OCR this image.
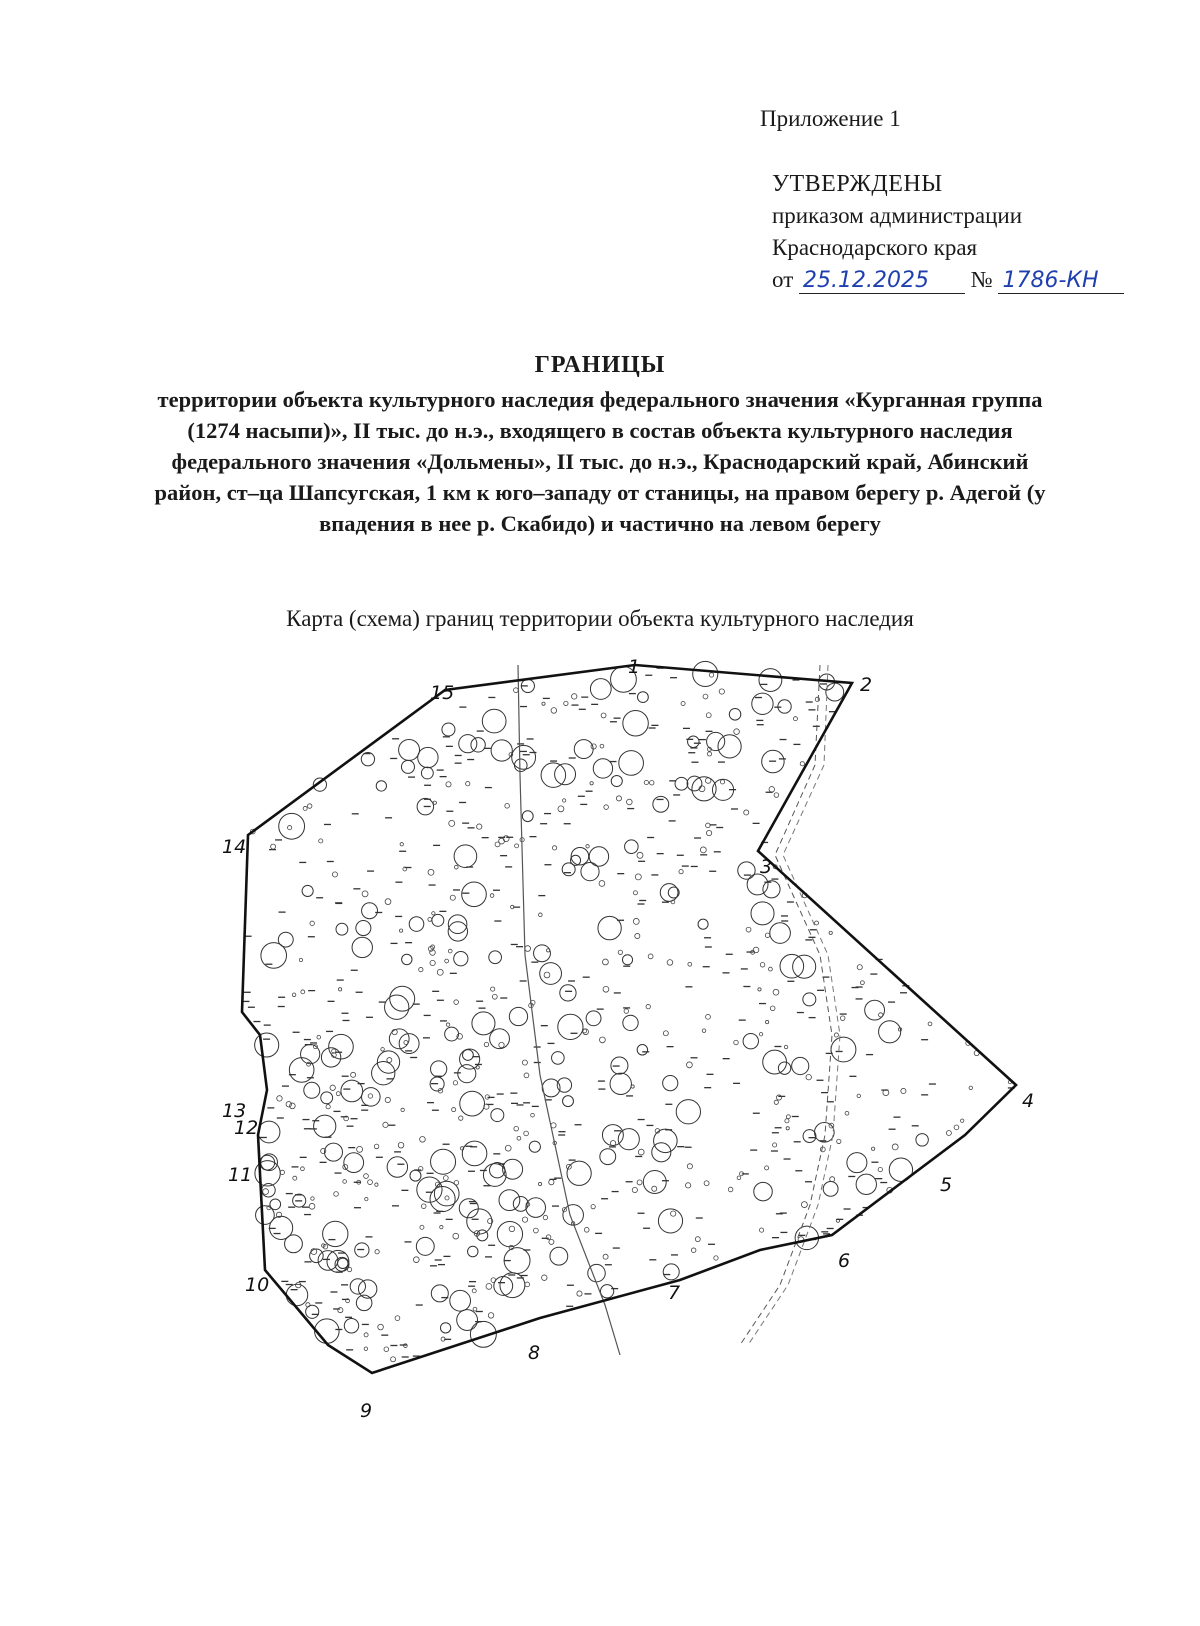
Приложение 1
УТВЕРЖДЕНЫ
приказом администрации
Краснодарского края
от 25.12.2025 № 1786-КН
ГРАНИЦЫ
территории объекта культурного наследия федерального значения «Курганная группа (1274 насыпи)», II тыс. до н.э., входящего в состав объекта культурного наследия федерального значения «Дольмены», II тыс. до н.э., Краснодарский край, Абинский район, ст–ца Шапсугская, 1 км к юго–западу от станицы, на правом берегу р. Адегой (у впадения в нее р. Скабидо) и частично на левом берегу
Карта (схема) границ территории объекта культурного наследия
1
2
3
4
5
6
7
8
9
10
11
12
13
14
15
